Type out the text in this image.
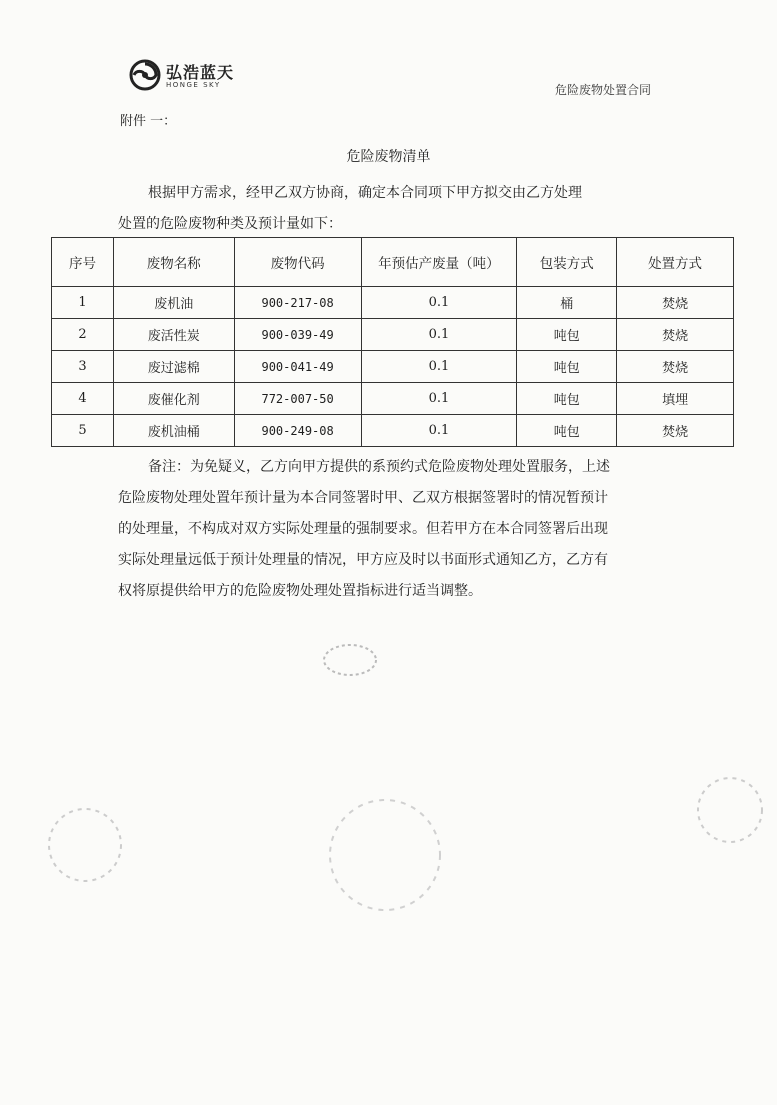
弘浩蓝天
HONGE SKY	危险废物处置合同
附件 一：
危险废物清单
根据甲方需求，经甲乙双方协商，确定本合同项下甲方拟交由乙方处理
处置的危险废物种类及预计量如下：
序号	废物名称	废物代码	年预估产废量（吨）	包装方式	处置方式
1	废机油	900-217-08	0.1	桶	焚烧
2	废活性炭	900-039-49	0.1	吨包	焚烧
3	废过滤棉	900-041-49	0.1	吨包	焚烧
4	废催化剂	772-007-50	0.1	吨包	填埋
5	废机油桶	900-249-08	0.1	吨包	焚烧

备注：为免疑义，乙方向甲方提供的系预约式危险废物处理处置服务，上述

危险废物处理处置年预计量为本合同签署时甲、乙双方根据签署时的情况暂预计

的处理量，不构成对双方实际处理量的强制要求。但若甲方在本合同签署后出现

实际处理量远低于预计处理量的情况，甲方应及时以书面形式通知乙方，乙方有

权将原提供给甲方的危险废物处理处置指标进行适当调整。
